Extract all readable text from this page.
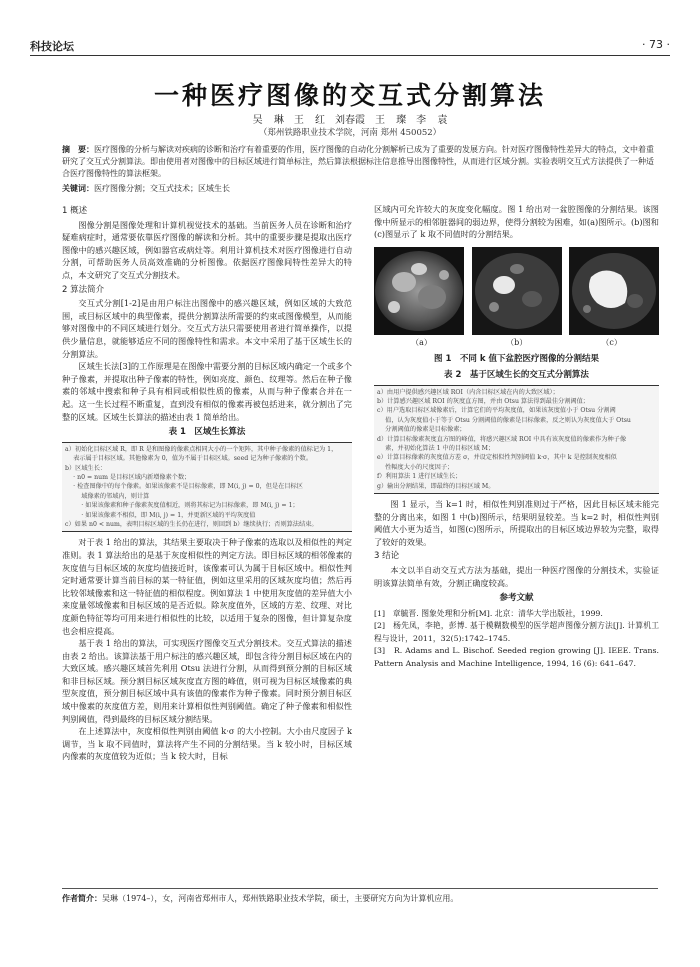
科技论坛	· 73 ·
一种医疗图像的交互式分割算法
吴 琳　王 红　刘春霞　王 璨　李 袁
（郑州铁路职业技术学院，河南 郑州 450052）
摘　要：医疗图像的分析与解读对疾病的诊断和治疗有着重要的作用，医疗图像的自动化分割解析已成为了重要的发展方向。针对医疗图像特性差异大的特点，文中着重研究了交互式分割算法。即由使用者对图像中的目标区域进行简单标注，然后算法根据标注信息推导出图像特性，从而进行区域分割。实验表明交互式方法提供了一种适合医疗图像特性的算法框架。
关键词：医疗图像分割；交互式技术；区域生长
1 概述

图像分割是图像处理和计算机视觉技术的基础。当前医务人员在诊断和治疗疑难病症时，通常要依靠医疗图像的解读和分析。其中的重要步骤是提取出医疗图像中的感兴趣区域，例如器官或病灶等。利用计算机技术对医疗图像进行自动分割，可帮助医务人员高效准确的分析图像。依据医疗图像间特性差异大的特点，本文研究了交互式分割技术。

2 算法简介

交互式分割[1-2]是由用户标注出图像中的感兴趣区域，例如区域的大致范围，或目标区域中的典型像素，提供分割算法所需要的约束或图像模型，从而能够对图像中的不同区域进行划分。交互式方法只需要使用者进行简单操作，以提供少量信息，就能够适应不同的图像特性和需求。本文中采用了基于区域生长的分割算法。

区域生长法[3]的工作原理是在图像中需要分割的目标区域内确定一个或多个种子像素，并提取出种子像素的特性，例如亮度、颜色、纹理等。然后在种子像素的邻域中搜索和种子具有相同或相似性质的像素，从而与种子像素合并在一起。这一生长过程不断重复，直到没有相似的像素再被包括进来，就分割出了完整的区域。区域生长算法的描述由表 1 简单给出。

表 1　区域生长算法
a）初始化目标区域 R，即 R 是和图像的像素点相同大小的一个矩阵，其中种子像素的值标记为 1，
　 表示属于目标区域。其他像素为 0，值为不属于目标区域。seed 记为种子像素的个数。
b）区域生长：
　 · n0 = num 是目标区域内新增像素个数；
　 · 检查图像中的每个像素。如果该像素不是目标像素，即 M(i, j) = 0，但是在目标区
　 　 域像素的邻域内，则计算
　 　 · 如果该像素和种子像素灰度值相近，则将其标记为目标像素，即 M(i, j) = 1；
　 　 · 如果该像素不相似，即 M(i, j) = 1，并更新区域的平均灰度值
c）如果 n0 < num，表明目标区域的生长仍在进行，则回到 b）继续执行；否则算法结束。

对于表 1 给出的算法，其结果主要取决于种子像素的选取以及相似性的判定准则。表 1 算法给出的是基于灰度相似性的判定方法。即目标区域的相邻像素的灰度值与目标区域的灰度均值接近时，该像素可认为属于目标区域中。相似性判定时通常要计算当前目标的某一特征值，例如这里采用的区域灰度均值；然后再比较邻域像素和这一特征值的相似程度。例如算法 1 中使用灰度值的差异值大小来度量邻域像素和目标区域的是否近似。除灰度值外，区域的方差、纹理、对比度颜色特征等均可用来进行相似性的比较，以适用于复杂的图像，但计算复杂度也会相应提高。

基于表 1 给出的算法，可实现医疗图像交互式分割技术。交互式算法的描述由表 2 给出。该算法基于用户标注的感兴趣区域，即包含待分割目标区域在内的大致区域。感兴趣区域首先利用 Otsu 法进行分割，从而得到预分割的目标区域和非目标区域。预分割目标区域灰度直方图的峰值，则可视为目标区域像素的典型灰度值，预分割目标区域中具有该值的像素作为种子像素。同时预分割目标区域中像素的灰度值方差，则用来计算相似性判别阈值。确定了种子像素和相似性判别阈值，得到最终的目标区域分割结果。

在上述算法中，灰度相似性判别由阈值 k·σ 的大小控制。大小由尺度因子 k 调节，当 k 取不同值时，算法将产生不同的分割结果。当 k 较小时，目标区域内像素的灰度值较为近似；当 k 较大时，目标

区域内可允许较大的灰度变化幅度。图 1 给出对一盆腔图像的分割结果。该图像中所显示的相邻脏器间的弱边界，使得分割较为困难，如(a)图所示。(b)图和(c)图显示了 k 取不同值时的分割结果。

（a）	（b）	（c）
图 1　不同 k 值下盆腔医疗图像的分割结果
表 2　基于区域生长的交互式分割算法
a）由用户提供感兴趣区域 ROI（内含目标区域在内的大致区域）；
b）计算感兴趣区域 ROI 的灰度直方图，并由 Otsu 算法得到最佳分割阈值；
c）用户选取目标区域像素后，计算它们的平均灰度值，如果该灰度值小于 Otsu 分割阈
　 值，认为灰度值小于等于 Otsu 分割阈值的像素是目标像素，反之则认为灰度值大于 Otsu
　 分割阈值的像素是目标像素；
d）计算目标像素灰度直方图的峰值，将感兴趣区域 ROI 中具有该灰度值的像素作为种子像
　 素，并初始化算法 1 中的目标区域 M；
e）计算目标像素的灰度值方差 σ，并设定相似性判别阈值 k·σ，其中 k 是控制灰度相似
　 性幅度大小的尺度因子；
f）利用算法 1 进行区域生长；
g）输出分割结果，即最终的目标区域 M。

图 1 显示，当 k=1 时，相似性判别准则过于严格，因此目标区域未能完整的分离出来，如图 1 中(b)图所示，结果明显较差。当 k=2 时，相似性判别阈值大小更为适当，如图(c)图所示，所提取出的目标区域边界较为完整，取得了较好的效果。

3 结论

本文以半自动交互式方法为基础，提出一种医疗图像的分割技术，实验证明该算法简单有效，分割正确度较高。

参考文献

[1]　章毓晋. 图象处理和分析[M]. 北京：清华大学出版社，1999.

[2]　杨先凤，李艳，彭博. 基于模糊数模型的医学超声图像分割方法[J]. 计算机工程与设计，2011，32(5):1742–1745.

[3]　R. Adams and L. Bischof. Seeded region growing [J]. IEEE. Trans. Pattern Analysis and Machine Intelligence, 1994, 16 (6): 641–647.

作者简介：吴琳（1974–），女，河南省郑州市人，郑州铁路职业技术学院，硕士，主要研究方向为计算机应用。
